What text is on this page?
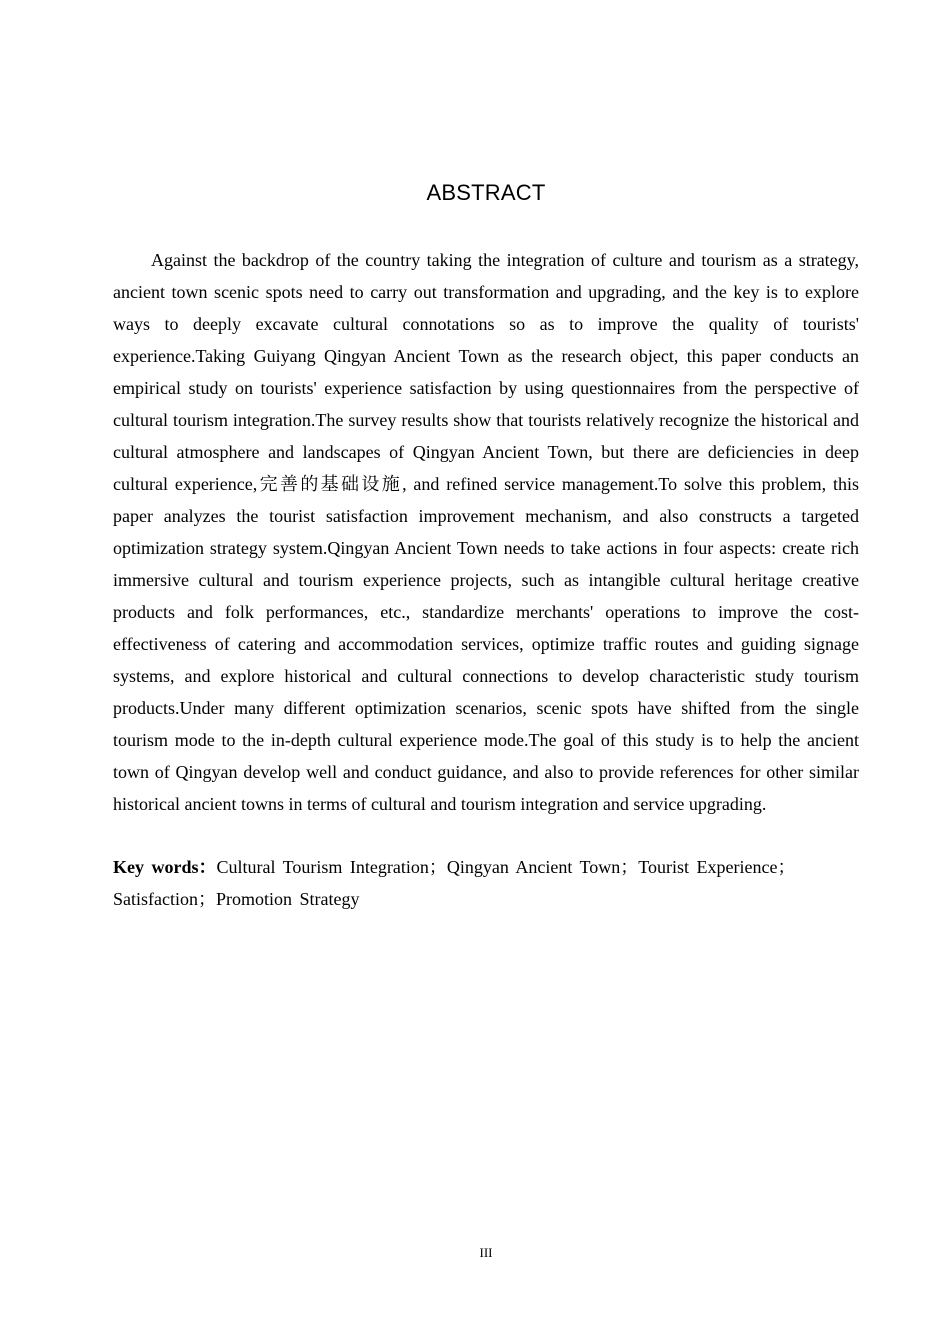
ABSTRACT

Against the backdrop of the country taking the integration of culture and tourism as a strategy, ancient town scenic spots need to carry out transformation and upgrading, and the key is to explore ways to deeply excavate cultural connotations so as to improve the quality of tourists' experience.Taking Guiyang Qingyan Ancient Town as the research object, this paper conducts an empirical study on tourists' experience satisfaction by using questionnaires from the perspective of cultural tourism integration.The survey results show that tourists relatively recognize the historical and cultural atmosphere and landscapes of Qingyan Ancient Town, but there are deficiencies in deep cultural experience,完善的基础设施, and refined service management.To solve this problem, this paper analyzes the tourist satisfaction improvement mechanism, and also constructs a targeted optimization strategy system.Qingyan Ancient Town needs to take actions in four aspects: create rich immersive cultural and tourism experience projects, such as intangible cultural heritage creative products and folk performances, etc., standardize merchants' operations to improve the cost-effectiveness of catering and accommodation services, optimize traffic routes and guiding signage systems, and explore historical and cultural connections to develop characteristic study tourism products.Under many different optimization scenarios, scenic spots have shifted from the single tourism mode to the in-depth cultural experience mode.The goal of this study is to help the ancient town of Qingyan develop well and conduct guidance, and also to provide references for other similar historical ancient towns in terms of cultural and tourism integration and service upgrading.

Key words：Cultural Tourism Integration；Qingyan Ancient Town；Tourist Experience；Satisfaction；Promotion Strategy

III
